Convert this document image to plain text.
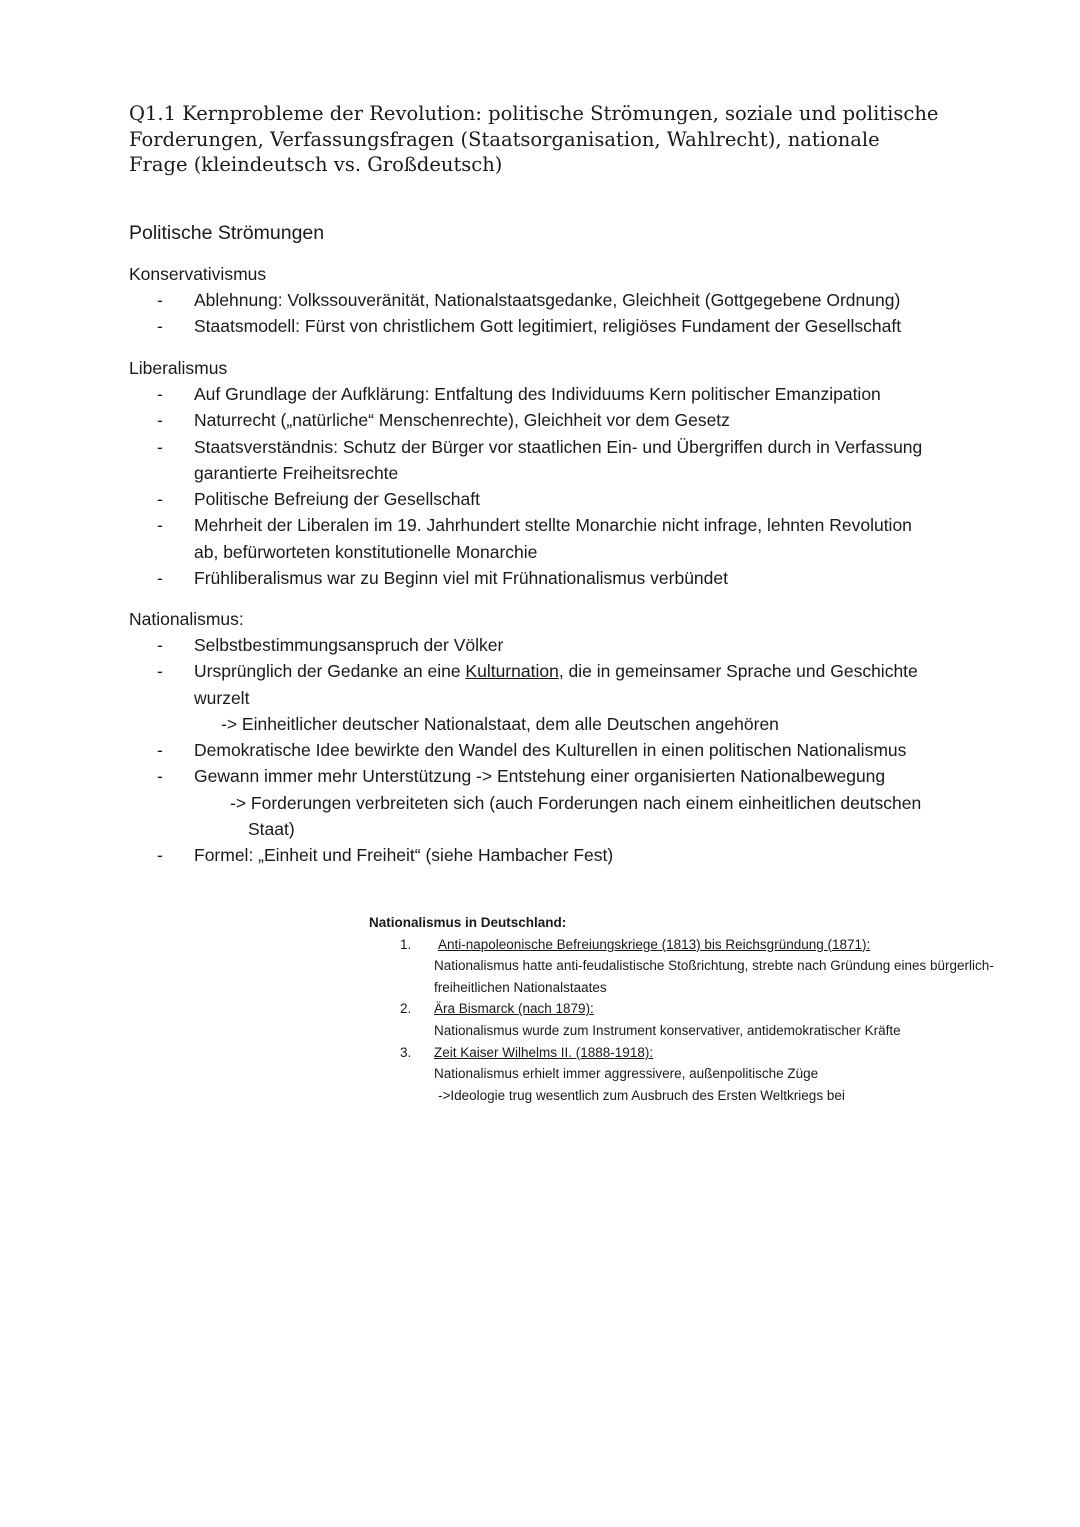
Q1.1 Kernprobleme der Revolution: politische Strömungen, soziale und politische
Forderungen, Verfassungsfragen (Staatsorganisation, Wahlrecht), nationale
Frage (kleindeutsch vs. Großdeutsch)
Politische Strömungen
Konservativismus
- Ablehnung: Volkssouveränität, Nationalstaatsgedanke, Gleichheit (Gottgegebene Ordnung)
- Staatsmodell: Fürst von christlichem Gott legitimiert, religiöses Fundament der Gesellschaft
Liberalismus
- Auf Grundlage der Aufklärung: Entfaltung des Individuums Kern politischer Emanzipation
- Naturrecht („natürliche“ Menschenrechte), Gleichheit vor dem Gesetz
- Staatsverständnis: Schutz der Bürger vor staatlichen Ein- und Übergriffen durch in Verfassung
garantierte Freiheitsrechte
- Politische Befreiung der Gesellschaft
- Mehrheit der Liberalen im 19. Jahrhundert stellte Monarchie nicht infrage, lehnten Revolution
ab, befürworteten konstitutionelle Monarchie
- Frühliberalismus war zu Beginn viel mit Frühnationalismus verbündet
Nationalismus:
- Selbstbestimmungsanspruch der Völker
- Ursprünglich der Gedanke an eine Kulturnation, die in gemeinsamer Sprache und Geschichte
wurzelt
-> Einheitlicher deutscher Nationalstaat, dem alle Deutschen angehören
- Demokratische Idee bewirkte den Wandel des Kulturellen in einen politischen Nationalismus
- Gewann immer mehr Unterstützung -> Entstehung einer organisierten Nationalbewegung
-> Forderungen verbreiteten sich (auch Forderungen nach einem einheitlichen deutschen
Staat)
- Formel: „Einheit und Freiheit“ (siehe Hambacher Fest)
Nationalismus in Deutschland:
1. Anti-napoleonische Befreiungskriege (1813) bis Reichsgründung (1871):
Nationalismus hatte anti-feudalistische Stoßrichtung, strebte nach Gründung eines bürgerlich-
freiheitlichen Nationalstaates
2. Ära Bismarck (nach 1879):
Nationalismus wurde zum Instrument konservativer, antidemokratischer Kräfte
3. Zeit Kaiser Wilhelms II. (1888-1918):
Nationalismus erhielt immer aggressivere, außenpolitische Züge
->Ideologie trug wesentlich zum Ausbruch des Ersten Weltkriegs bei
